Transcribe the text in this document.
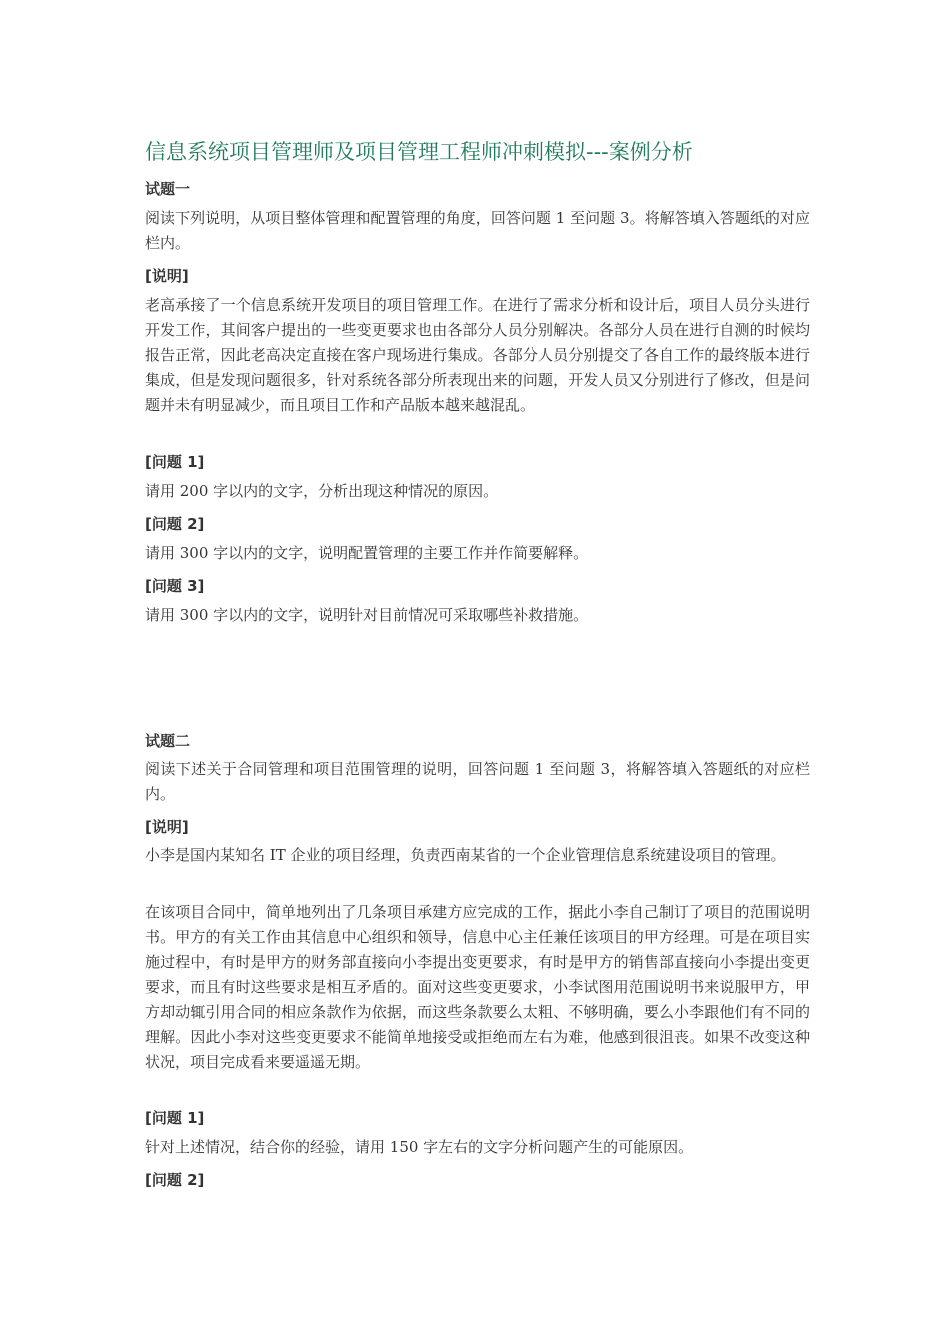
信息系统项目管理师及项目管理工程师冲刺模拟---案例分析
试题一
阅读下列说明，从项目整体管理和配置管理的角度，回答问题 1 至问题 3。将解答填入答题纸的对应栏内。
[说明]
老高承接了一个信息系统开发项目的项目管理工作。在进行了需求分析和设计后，项目人员分头进行开发工作，其间客户提出的一些变更要求也由各部分人员分别解决。各部分人员在进行自测的时候均报告正常，因此老高决定直接在客户现场进行集成。各部分人员分别提交了各自工作的最终版本进行集成，但是发现问题很多，针对系统各部分所表现出来的问题，开发人员又分别进行了修改，但是问题并未有明显减少，而且项目工作和产品版本越来越混乱。
[问题 1]
请用 200 字以内的文字，分析出现这种情况的原因。
[问题 2]
请用 300 字以内的文字，说明配置管理的主要工作并作简要解释。
[问题 3]
请用 300 字以内的文字，说明针对目前情况可采取哪些补救措施。
试题二
阅读下述关于合同管理和项目范围管理的说明，回答问题 1 至问题 3，将解答填入答题纸的对应栏内。
[说明]
小李是国内某知名 IT 企业的项目经理，负责西南某省的一个企业管理信息系统建设项目的管理。
在该项目合同中，简单地列出了几条项目承建方应完成的工作，据此小李自己制订了项目的范围说明书。甲方的有关工作由其信息中心组织和领导，信息中心主任兼任该项目的甲方经理。可是在项目实施过程中，有时是甲方的财务部直接向小李提出变更要求，有时是甲方的销售部直接向小李提出变更要求，而且有时这些要求是相互矛盾的。面对这些变更要求，小李试图用范围说明书来说服甲方，甲方却动辄引用合同的相应条款作为依据，而这些条款要么太粗、不够明确，要么小李跟他们有不同的理解。因此小李对这些变更要求不能简单地接受或拒绝而左右为难，他感到很沮丧。如果不改变这种状况，项目完成看来要遥遥无期。
[问题 1]
针对上述情况，结合你的经验，请用 150 字左右的文字分析问题产生的可能原因。
[问题 2]
